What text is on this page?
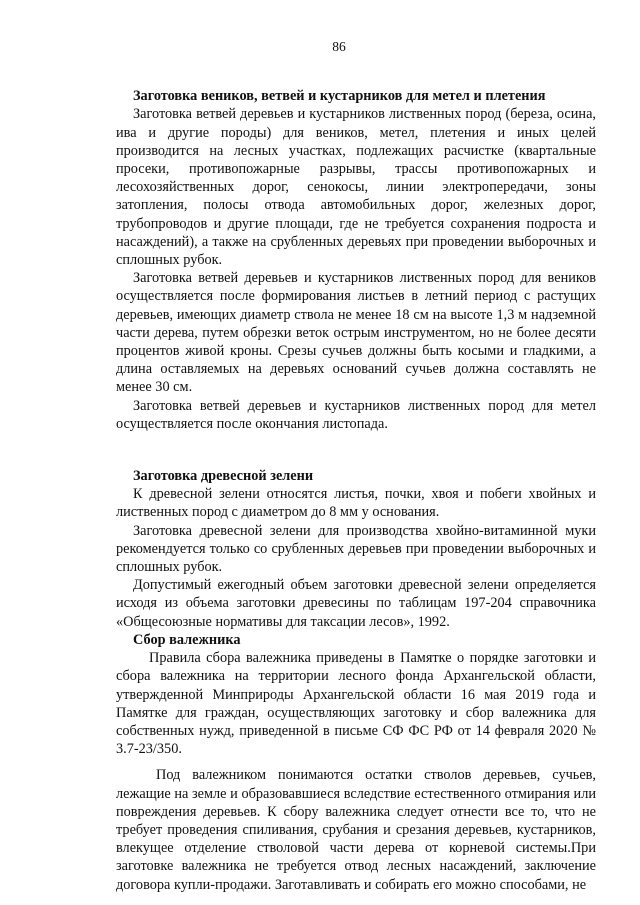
86
Заготовка веников, ветвей и кустарников для метел и плетения

Заготовка ветвей деревьев и кустарников лиственных пород (береза, осина, ива и другие породы) для веников, метел, плетения и иных целей производится на лесных участках, подлежащих расчистке (квартальные просеки, противопожарные разрывы, трассы противопожарных и лесохозяйственных дорог, сенокосы, линии электропередачи, зоны затопления, полосы отвода автомобильных дорог, железных дорог, трубопроводов и другие площади, где не требуется сохранения подроста и насаждений), а также на срубленных деревьях при проведении выборочных и сплошных рубок.

Заготовка ветвей деревьев и кустарников лиственных пород для веников осуществляется после формирования листьев в летний период с растущих деревьев, имеющих диаметр ствола не менее 18 см на высоте 1,3 м надземной части дерева, путем обрезки веток острым инструментом, но не более десяти процентов живой кроны. Срезы сучьев должны быть косыми и гладкими, а длина оставляемых на деревьях оснований сучьев должна составлять не менее 30 см.

Заготовка ветвей деревьев и кустарников лиственных пород для метел осуществляется после окончания листопада.

Заготовка древесной зелени

К древесной зелени относятся листья, почки, хвоя и побеги хвойных и лиственных пород с диаметром до 8 мм у основания.

Заготовка древесной зелени для производства хвойно-витаминной муки рекомендуется только со срубленных деревьев при проведении выборочных и сплошных рубок.

Допустимый ежегодный объем заготовки древесной зелени определяется исходя из объема заготовки древесины по таблицам 197-204 справочника «Общесоюзные нормативы для таксации лесов», 1992.

Сбор валежника

Правила сбора валежника приведены в Памятке о порядке заготовки и сбора валежника на территории лесного фонда Архангельской области, утвержденной Минприроды Архангельской области 16 мая 2019 года и Памятке для граждан, осуществляющих заготовку и сбор валежника для собственных нужд, приведенной в письме СФ ФС РФ от 14 февраля 2020 № 3.7-23/350.

Под валежником понимаются остатки стволов деревьев, сучьев, лежащие на земле и образовавшиеся вследствие естественного отмирания или повреждения деревьев. К сбору валежника следует отнести все то, что не требует проведения спиливания, срубания и срезания деревьев, кустарников, влекущее отделение стволовой части дерева от корневой системы.При заготовке валежника не требуется отвод лесных насаждений, заключение договора купли-продажи. Заготавливать и собирать его можно способами, не
